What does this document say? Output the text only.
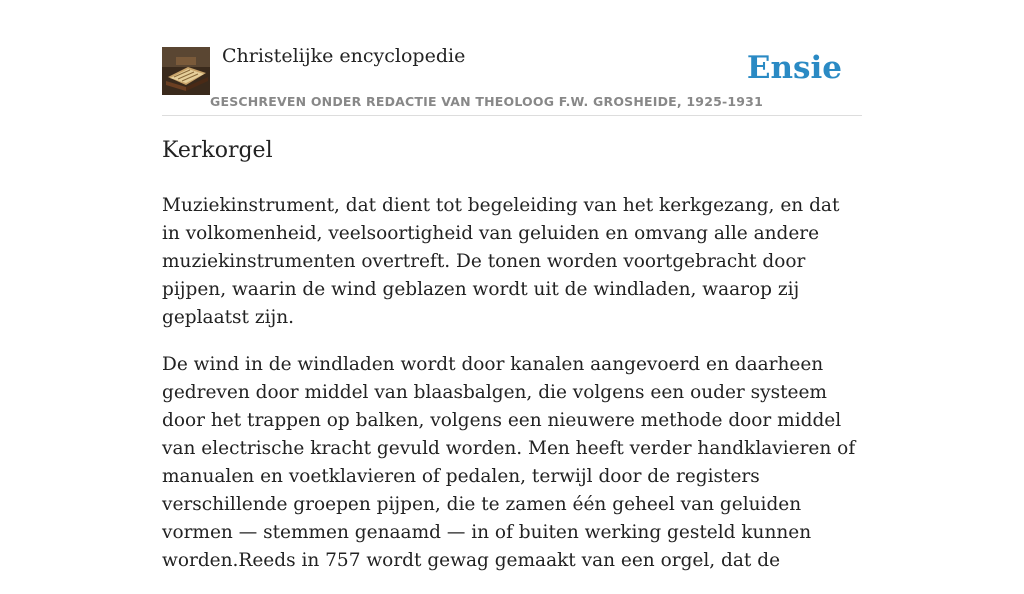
Christelijke encyclopedie
GESCHREVEN ONDER REDACTIE VAN THEOLOOG F.W. GROSHEIDE, 1925-1931
Ensie
Kerkorgel

Muziekinstrument, dat dient tot begeleiding van het kerkgezang, en dat in volkomenheid, veelsoortigheid van geluiden en omvang alle andere muziekinstrumenten overtreft. De tonen worden voortgebracht door pijpen, waarin de wind geblazen wordt uit de windladen, waarop zij geplaatst zijn.

De wind in de windladen wordt door kanalen aangevoerd en daarheen gedreven door middel van blaasbalgen, die volgens een ouder systeem door het trappen op balken, volgens een nieuwere methode door middel van electrische kracht gevuld worden. Men heeft verder handklavieren of manualen en voetklavieren of pedalen, terwijl door de registers verschillende groepen pijpen, die te zamen één geheel van geluiden vormen — stemmen genaamd — in of buiten werking gesteld kunnen worden.Reeds in 757 wordt gewag gemaakt van een orgel, dat de
